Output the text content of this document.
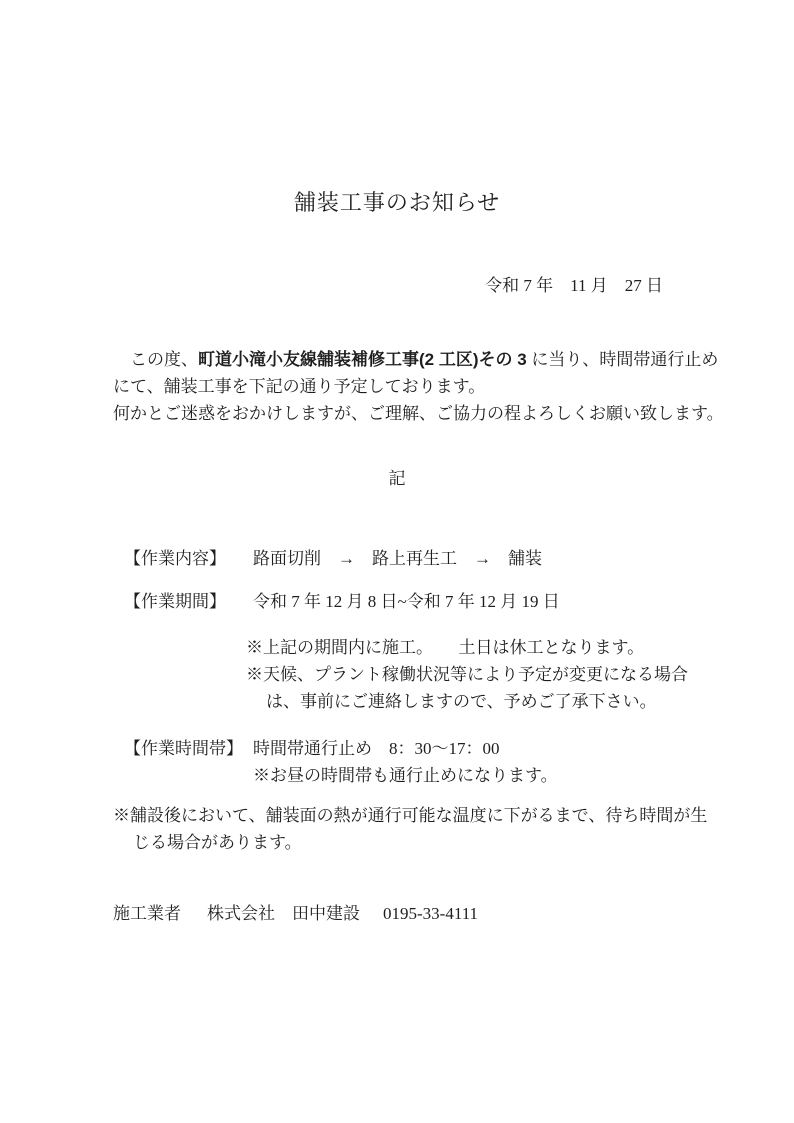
舗装工事のお知らせ
令和 7 年　11 月　27 日
　この度、町道小滝小友線舗装補修工事(2 工区)その 3 に当り、時間帯通行止め
にて、舗装工事を下記の通り予定しております。
何かとご迷惑をおかけしますが、ご理解、ご協力の程よろしくお願い致します。
記
【作業内容】 路面切削　→　路上再生工　→　舗装
【作業期間】 令和 7 年 12 月 8 日~令和 7 年 12 月 19 日
※上記の期間内に施工。　　土日は休工となります。
※天候、プラント稼働状況等により予定が変更になる場合
は、事前にご連絡しますので、予めご了承下さい。
【作業時間帯】 時間帯通行止め　8：30～17：00
※お昼の時間帯も通行止めになります。
※舗設後において、舗装面の熱が通行可能な温度に下がるまで、待ち時間が生
じる場合があります。
施工業者 株式会社　田中建設 0195-33-4111
